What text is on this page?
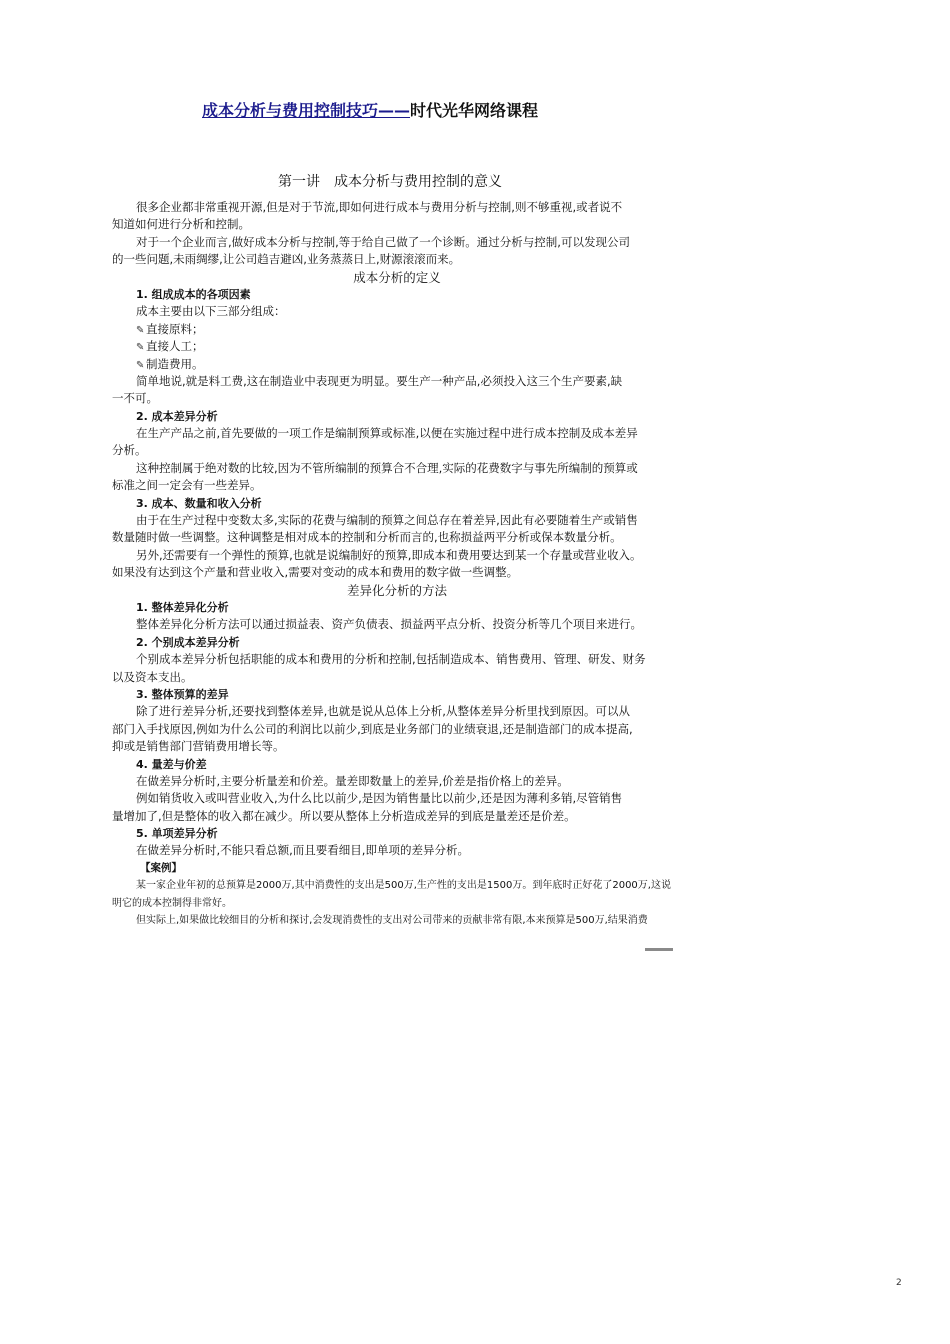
成本分析与费用控制技巧——时代光华网络课程
第一讲　成本分析与费用控制的意义
很多企业都非常重视开源,但是对于节流,即如何进行成本与费用分析与控制,则不够重视,或者说不
知道如何进行分析和控制。
对于一个企业而言,做好成本分析与控制,等于给自己做了一个诊断。通过分析与控制,可以发现公司
的一些问题,未雨绸缪,让公司趋吉避凶,业务蒸蒸日上,财源滚滚而来。
成本分析的定义
1. 组成成本的各项因素
成本主要由以下三部分组成：
✎ 直接原料；
✎ 直接人工；
✎ 制造费用。
简单地说,就是料工费,这在制造业中表现更为明显。要生产一种产品,必须投入这三个生产要素,缺
一不可。
2. 成本差异分析
在生产产品之前,首先要做的一项工作是编制预算或标准,以便在实施过程中进行成本控制及成本差异
分析。
这种控制属于绝对数的比较,因为不管所编制的预算合不合理,实际的花费数字与事先所编制的预算或
标准之间一定会有一些差异。
3. 成本、数量和收入分析
由于在生产过程中变数太多,实际的花费与编制的预算之间总存在着差异,因此有必要随着生产或销售
数量随时做一些调整。这种调整是相对成本的控制和分析而言的,也称损益两平分析或保本数量分析。
另外,还需要有一个弹性的预算,也就是说编制好的预算,即成本和费用要达到某一个存量或营业收入。
如果没有达到这个产量和营业收入,需要对变动的成本和费用的数字做一些调整。
差异化分析的方法
1. 整体差异化分析
整体差异化分析方法可以通过损益表、资产负债表、损益两平点分析、投资分析等几个项目来进行。
2. 个别成本差异分析
个别成本差异分析包括职能的成本和费用的分析和控制,包括制造成本、销售费用、管理、研发、财务
以及资本支出。
3. 整体预算的差异
除了进行差异分析,还要找到整体差异,也就是说从总体上分析,从整体差异分析里找到原因。可以从
部门入手找原因,例如为什么公司的利润比以前少,到底是业务部门的业绩衰退,还是制造部门的成本提高,
抑或是销售部门营销费用增长等。
4. 量差与价差
在做差异分析时,主要分析量差和价差。量差即数量上的差异,价差是指价格上的差异。
例如销货收入或叫营业收入,为什么比以前少,是因为销售量比以前少,还是因为薄利多销,尽管销售
量增加了,但是整体的收入都在减少。所以要从整体上分析造成差异的到底是量差还是价差。
5. 单项差异分析
在做差异分析时,不能只看总额,而且要看细目,即单项的差异分析。
【案例】
某一家企业年初的总预算是2000万,其中消费性的支出是500万,生产性的支出是1500万。到年底时正好花了2000万,这说
明它的成本控制得非常好。
但实际上,如果做比较细目的分析和探讨,会发现消费性的支出对公司带来的贡献非常有限,本来预算是500万,结果消费
2
